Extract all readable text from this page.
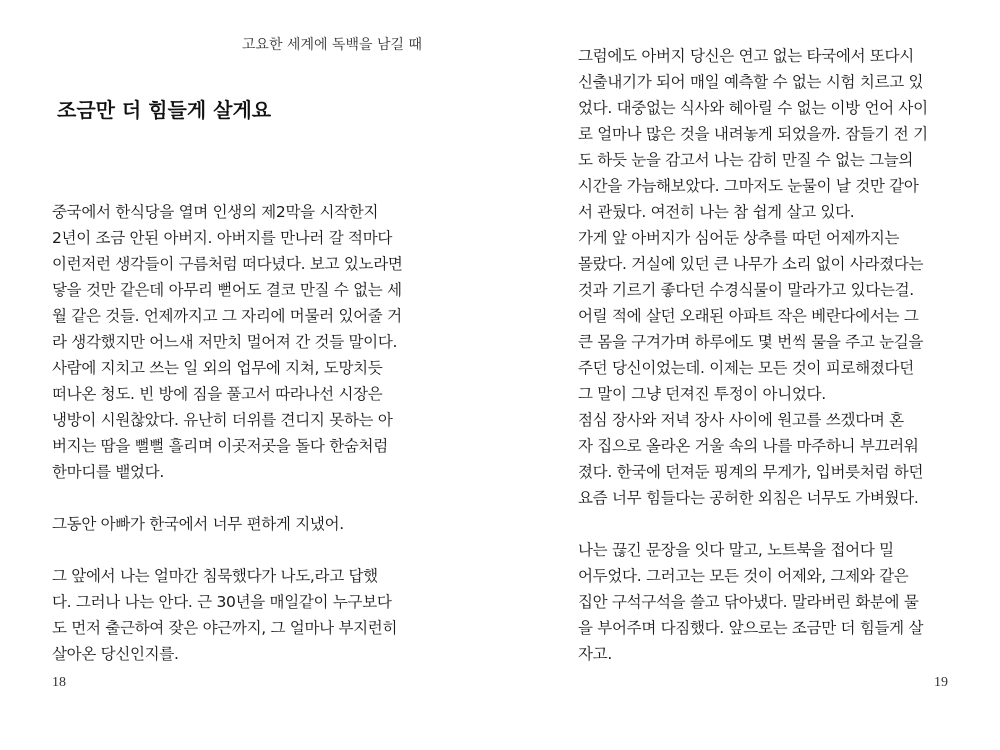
고요한 세계에 독백을 남길 때
조금만 더 힘들게 살게요
중국에서 한식당을 열며 인생의 제2막을 시작한지
2년이 조금 안된 아버지. 아버지를 만나러 갈 적마다
이런저런 생각들이 구름처럼 떠다녔다. 보고 있노라면
닿을 것만 같은데 아무리 뻗어도 결코 만질 수 없는 세
월 같은 것들. 언제까지고 그 자리에 머물러 있어줄 거
라 생각했지만 어느새 저만치 멀어져 간 것들 말이다.
사람에 지치고 쓰는 일 외의 업무에 지쳐, 도망치듯
떠나온 청도. 빈 방에 짐을 풀고서 따라나선 시장은
냉방이 시원찮았다. 유난히 더위를 견디지 못하는 아
버지는 땀을 뻘뻘 흘리며 이곳저곳을 돌다 한숨처럼
한마디를 뱉었다.
그동안 아빠가 한국에서 너무 편하게 지냈어.
그 앞에서 나는 얼마간 침묵했다가 나도,라고 답했
다. 그러나 나는 안다. 근 30년을 매일같이 누구보다
도 먼저 출근하여 잦은 야근까지, 그 얼마나 부지런히
살아온 당신인지를.
18
그럼에도 아버지 당신은 연고 없는 타국에서 또다시
신출내기가 되어 매일 예측할 수 없는 시험 치르고 있
었다. 대중없는 식사와 헤아릴 수 없는 이방 언어 사이
로 얼마나 많은 것을 내려놓게 되었을까. 잠들기 전 기
도 하듯 눈을 감고서 나는 감히 만질 수 없는 그늘의
시간을 가늠해보았다. 그마저도 눈물이 날 것만 같아
서 관뒀다. 여전히 나는 참 쉽게 살고 있다.
가게 앞 아버지가 심어둔 상추를 따던 어제까지는
몰랐다. 거실에 있던 큰 나무가 소리 없이 사라졌다는
것과 기르기 좋다던 수경식물이 말라가고 있다는걸.
어릴 적에 살던 오래된 아파트 작은 베란다에서는 그
큰 몸을 구겨가며 하루에도 몇 번씩 물을 주고 눈길을
주던 당신이었는데. 이제는 모든 것이 피로해졌다던
그 말이 그냥 던져진 투정이 아니었다.
점심 장사와 저녁 장사 사이에 원고를 쓰겠다며 혼
자 집으로 올라온 거울 속의 나를 마주하니 부끄러워
졌다. 한국에 던져둔 핑계의 무게가, 입버릇처럼 하던
요즘 너무 힘들다는 공허한 외침은 너무도 가벼웠다.
나는 끊긴 문장을 잇다 말고, 노트북을 접어다 밀
어두었다. 그러고는 모든 것이 어제와, 그제와 같은
집안 구석구석을 쓸고 닦아냈다. 말라버린 화분에 물
을 부어주며 다짐했다. 앞으로는 조금만 더 힘들게 살
자고.
19
